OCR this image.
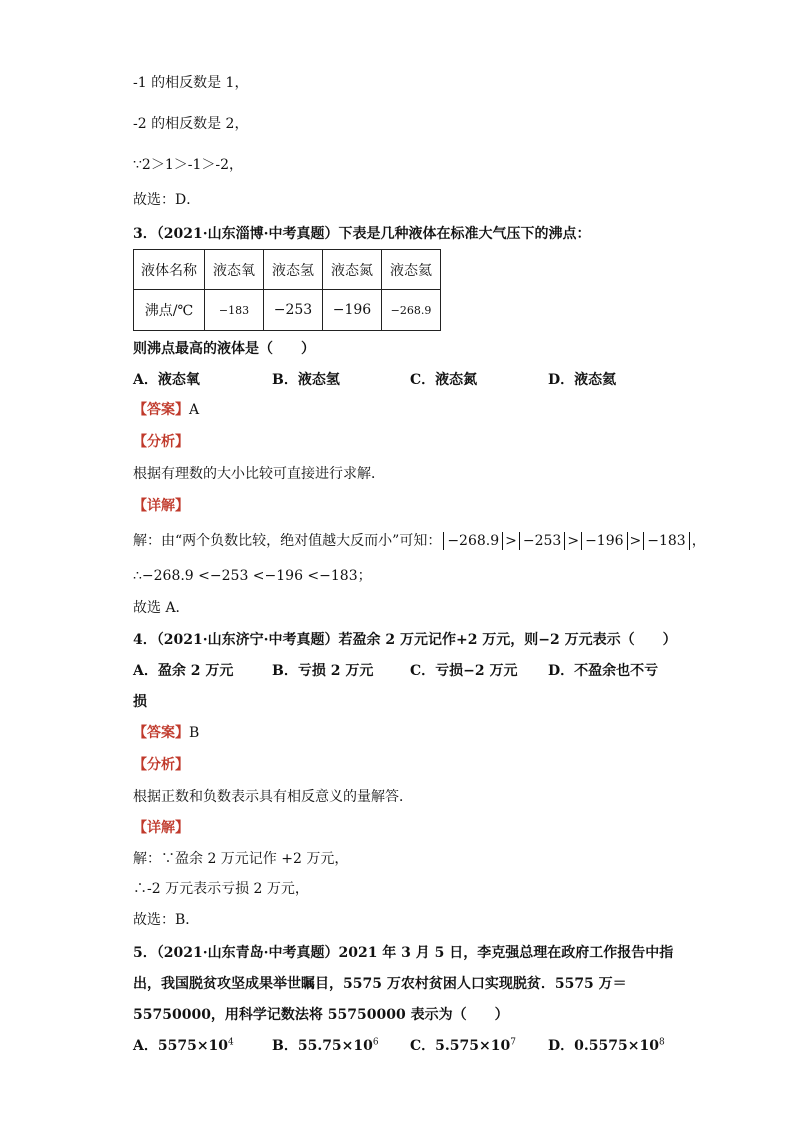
-1 的相反数是 1，
-2 的相反数是 2，
∵2＞1＞-1＞-2，
故选：D．
3．（2021·山东淄博·中考真题）下表是几种液体在标准大气压下的沸点：
液体名称	液态氧	液态氢	液态氮	液态氦
沸点/℃	−183	−253	−196	−268.9
则沸点最高的液体是（　　）
A．液态氧	B．液态氢	C．液态氮	D．液态氦
【答案】A
【分析】
根据有理数的大小比较可直接进行求解．
【详解】
解：由“两个负数比较，绝对值越大反而小”可知： −268.9 > −253 > −196 > −183 ，
∴−268.9 <−253 <−196 <−183；
故选 A．
4．（2021·山东济宁·中考真题）若盈余 2 万元记作+2 万元，则−2 万元表示（　　）
A．盈余 2 万元	B．亏损 2 万元	C．亏损−2 万元 D．不盈余也不亏
损
【答案】B
【分析】
根据正数和负数表示具有相反意义的量解答．
【详解】
解：∵盈余 2 万元记作 +2 万元，
∴-2 万元表示亏损 2 万元，
故选：B．
5．（2021·山东青岛·中考真题）2021 年 3 月 5 日，李克强总理在政府工作报告中指
出，我国脱贫攻坚成果举世瞩目，5575 万农村贫困人口实现脱贫．5575 万＝
55750000，用科学记数法将 55750000 表示为（　　）
A．$5575\times 10^4$	B．$55.75\times 10^6$ C．$5.575\times 10^7$ D．$0.5575\times 10^8$
